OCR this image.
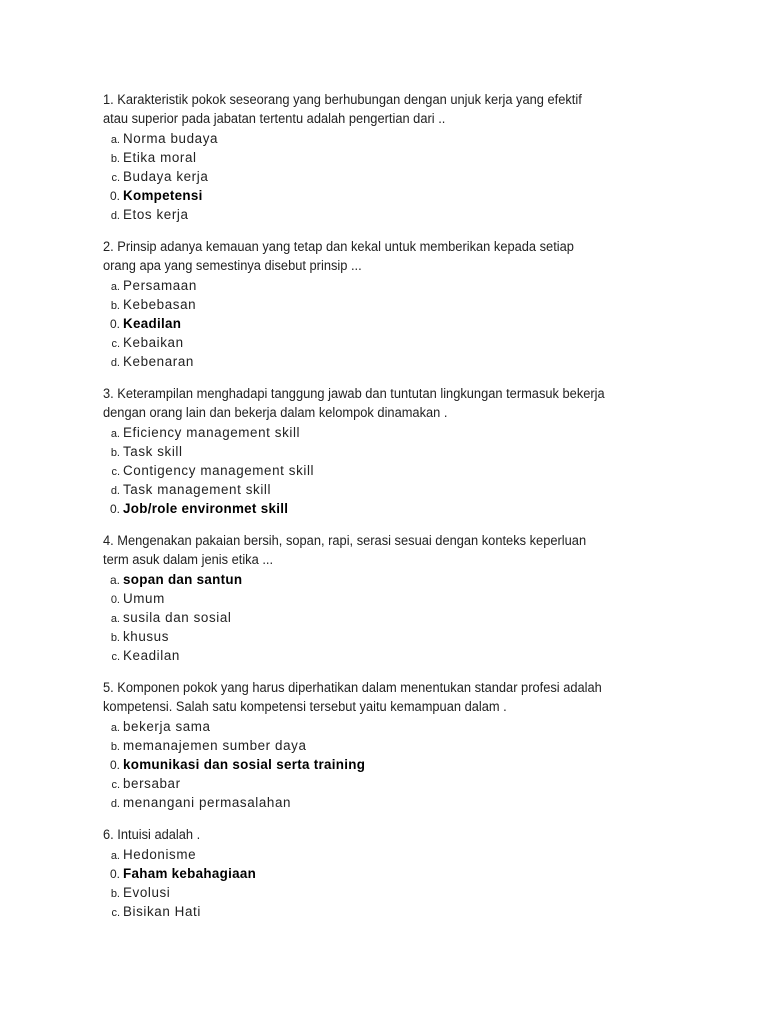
1. Karakteristik pokok seseorang yang berhubungan dengan unjuk kerja yang efektif
atau superior pada jabatan tertentu adalah pengertian dari ..
a. Norma budaya
b. Etika moral
c. Budaya kerja
0. Kompetensi
d. Etos kerja
2. Prinsip adanya kemauan yang tetap dan kekal untuk memberikan kepada setiap
orang apa yang semestinya disebut prinsip ...
a. Persamaan
b. Kebebasan
0. Keadilan
c. Kebaikan
d. Kebenaran
3. Keterampilan menghadapi tanggung jawab dan tuntutan lingkungan termasuk bekerja
dengan orang lain dan bekerja dalam kelompok dinamakan .
a. Eficiency management skill
b. Task skill
c. Contigency management skill
d. Task management skill
0. Job/role environmet skill
4. Mengenakan pakaian bersih, sopan, rapi, serasi sesuai dengan konteks keperluan
term asuk dalam jenis etika ...
a. sopan dan santun
0. Umum
a. susila dan sosial
b. khusus
c. Keadilan
5. Komponen pokok yang harus diperhatikan dalam menentukan standar profesi adalah
kompetensi. Salah satu kompetensi tersebut yaitu kemampuan dalam .
a. bekerja sama
b. memanajemen sumber daya
0. komunikasi dan sosial serta training
c. bersabar
d. menangani permasalahan
6. Intuisi adalah .
a. Hedonisme
0. Faham kebahagiaan
b. Evolusi
c. Bisikan Hati
